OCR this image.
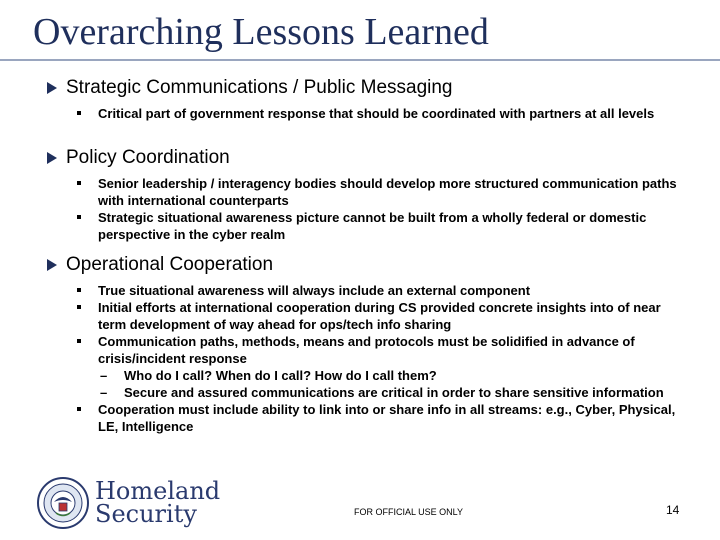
Overarching Lessons Learned
Strategic Communications / Public Messaging
Critical part of government response that should be coordinated with partners at all levels
Policy Coordination
Senior leadership / interagency bodies should develop more structured communication paths with international counterparts
Strategic situational awareness picture cannot be built from a wholly federal or domestic perspective in the cyber realm
Operational Cooperation
True situational awareness will always include an external component
Initial efforts at international cooperation during CS provided concrete insights into of near term development of way ahead for ops/tech info sharing
Communication paths, methods, means and protocols must be solidified in advance of crisis/incident response
– Who do I call? When do I call? How do I call them?
– Secure and assured communications are critical in order to share sensitive information
Cooperation must include ability to link into or share info in all streams: e.g., Cyber, Physical, LE, Intelligence
Homeland
Security	FOR OFFICIAL USE ONLY	14
